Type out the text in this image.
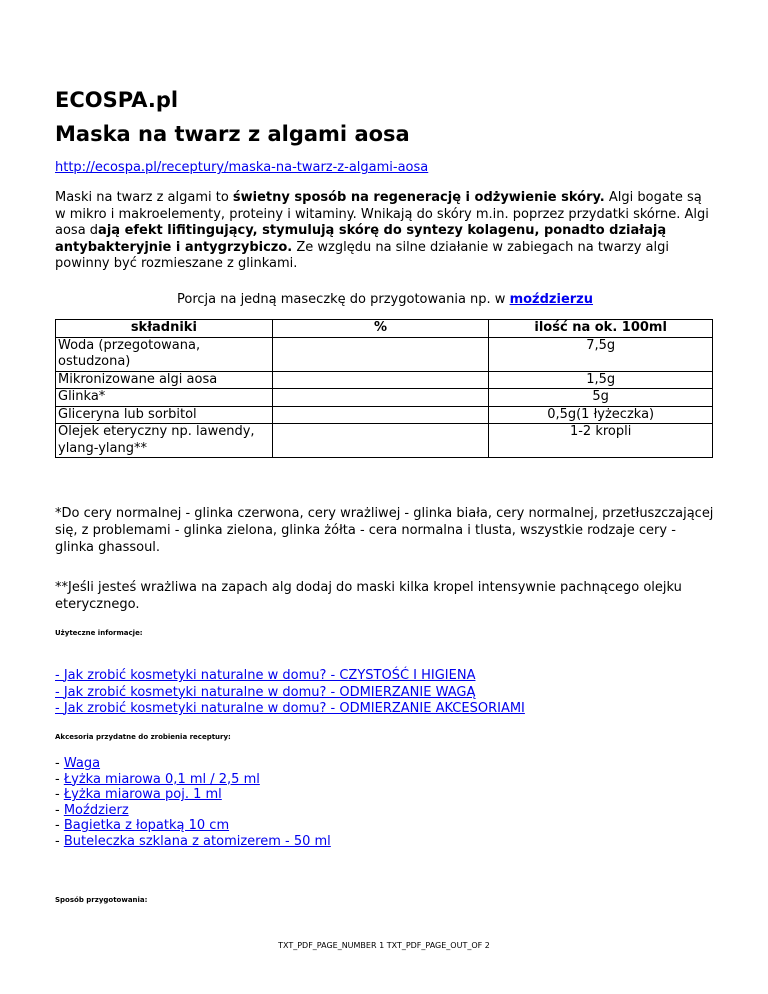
ECOSPA.pl
Maska na twarz z algami aosa
http://ecospa.pl/receptury/maska-na-twarz-z-algami-aosa
Maski na twarz z algami to świetny sposób na regenerację i odżywienie skóry. Algi bogate są w mikro i makroelementy, proteiny i witaminy. Wnikają do skóry m.in. poprzez przydatki skórne. Algi aosa dają efekt lifitingujący, stymulują skórę do syntezy kolagenu, ponadto działają antybakteryjnie i antygrzybiczo. Ze względu na silne działanie w zabiegach na twarzy algi powinny być rozmieszane z glinkami.
Porcja na jedną maseczkę do przygotowania np. w moździerzu
składniki	%	ilość na ok. 100ml
Woda (przegotowana, ostudzona)		7,5g
Mikronizowane algi aosa		1,5g
Glinka*		5g
Gliceryna lub sorbitol		0,5g(1 łyżeczka)
Olejek eteryczny np. lawendy, ylang-ylang**		1-2 kropli
*Do cery normalnej - glinka czerwona, cery wrażliwej - glinka biała, cery normalnej, przetłuszczającej się, z problemami - glinka zielona, glinka żółta - cera normalna i tlusta, wszystkie rodzaje cery - glinka ghassoul.
**Jeśli jesteś wrażliwa na zapach alg dodaj do maski kilka kropel intensywnie pachnącego olejku eterycznego.
Użyteczne informacje:
- Jak zrobić kosmetyki naturalne w domu? - CZYSTOŚĆ I HIGIENA
- Jak zrobić kosmetyki naturalne w domu? - ODMIERZANIE WAGĄ
- Jak zrobić kosmetyki naturalne w domu? - ODMIERZANIE AKCESORIAMI
Akcesoria przydatne do zrobienia receptury:
- Waga
- Łyżka miarowa 0,1 ml / 2,5 ml
- Łyżka miarowa poj. 1 ml
- Moździerz
- Bagietka z łopatką 10 cm
- Buteleczka szklana z atomizerem - 50 ml
Sposób przygotowania:
TXT_PDF_PAGE_NUMBER 1 TXT_PDF_PAGE_OUT_OF 2
